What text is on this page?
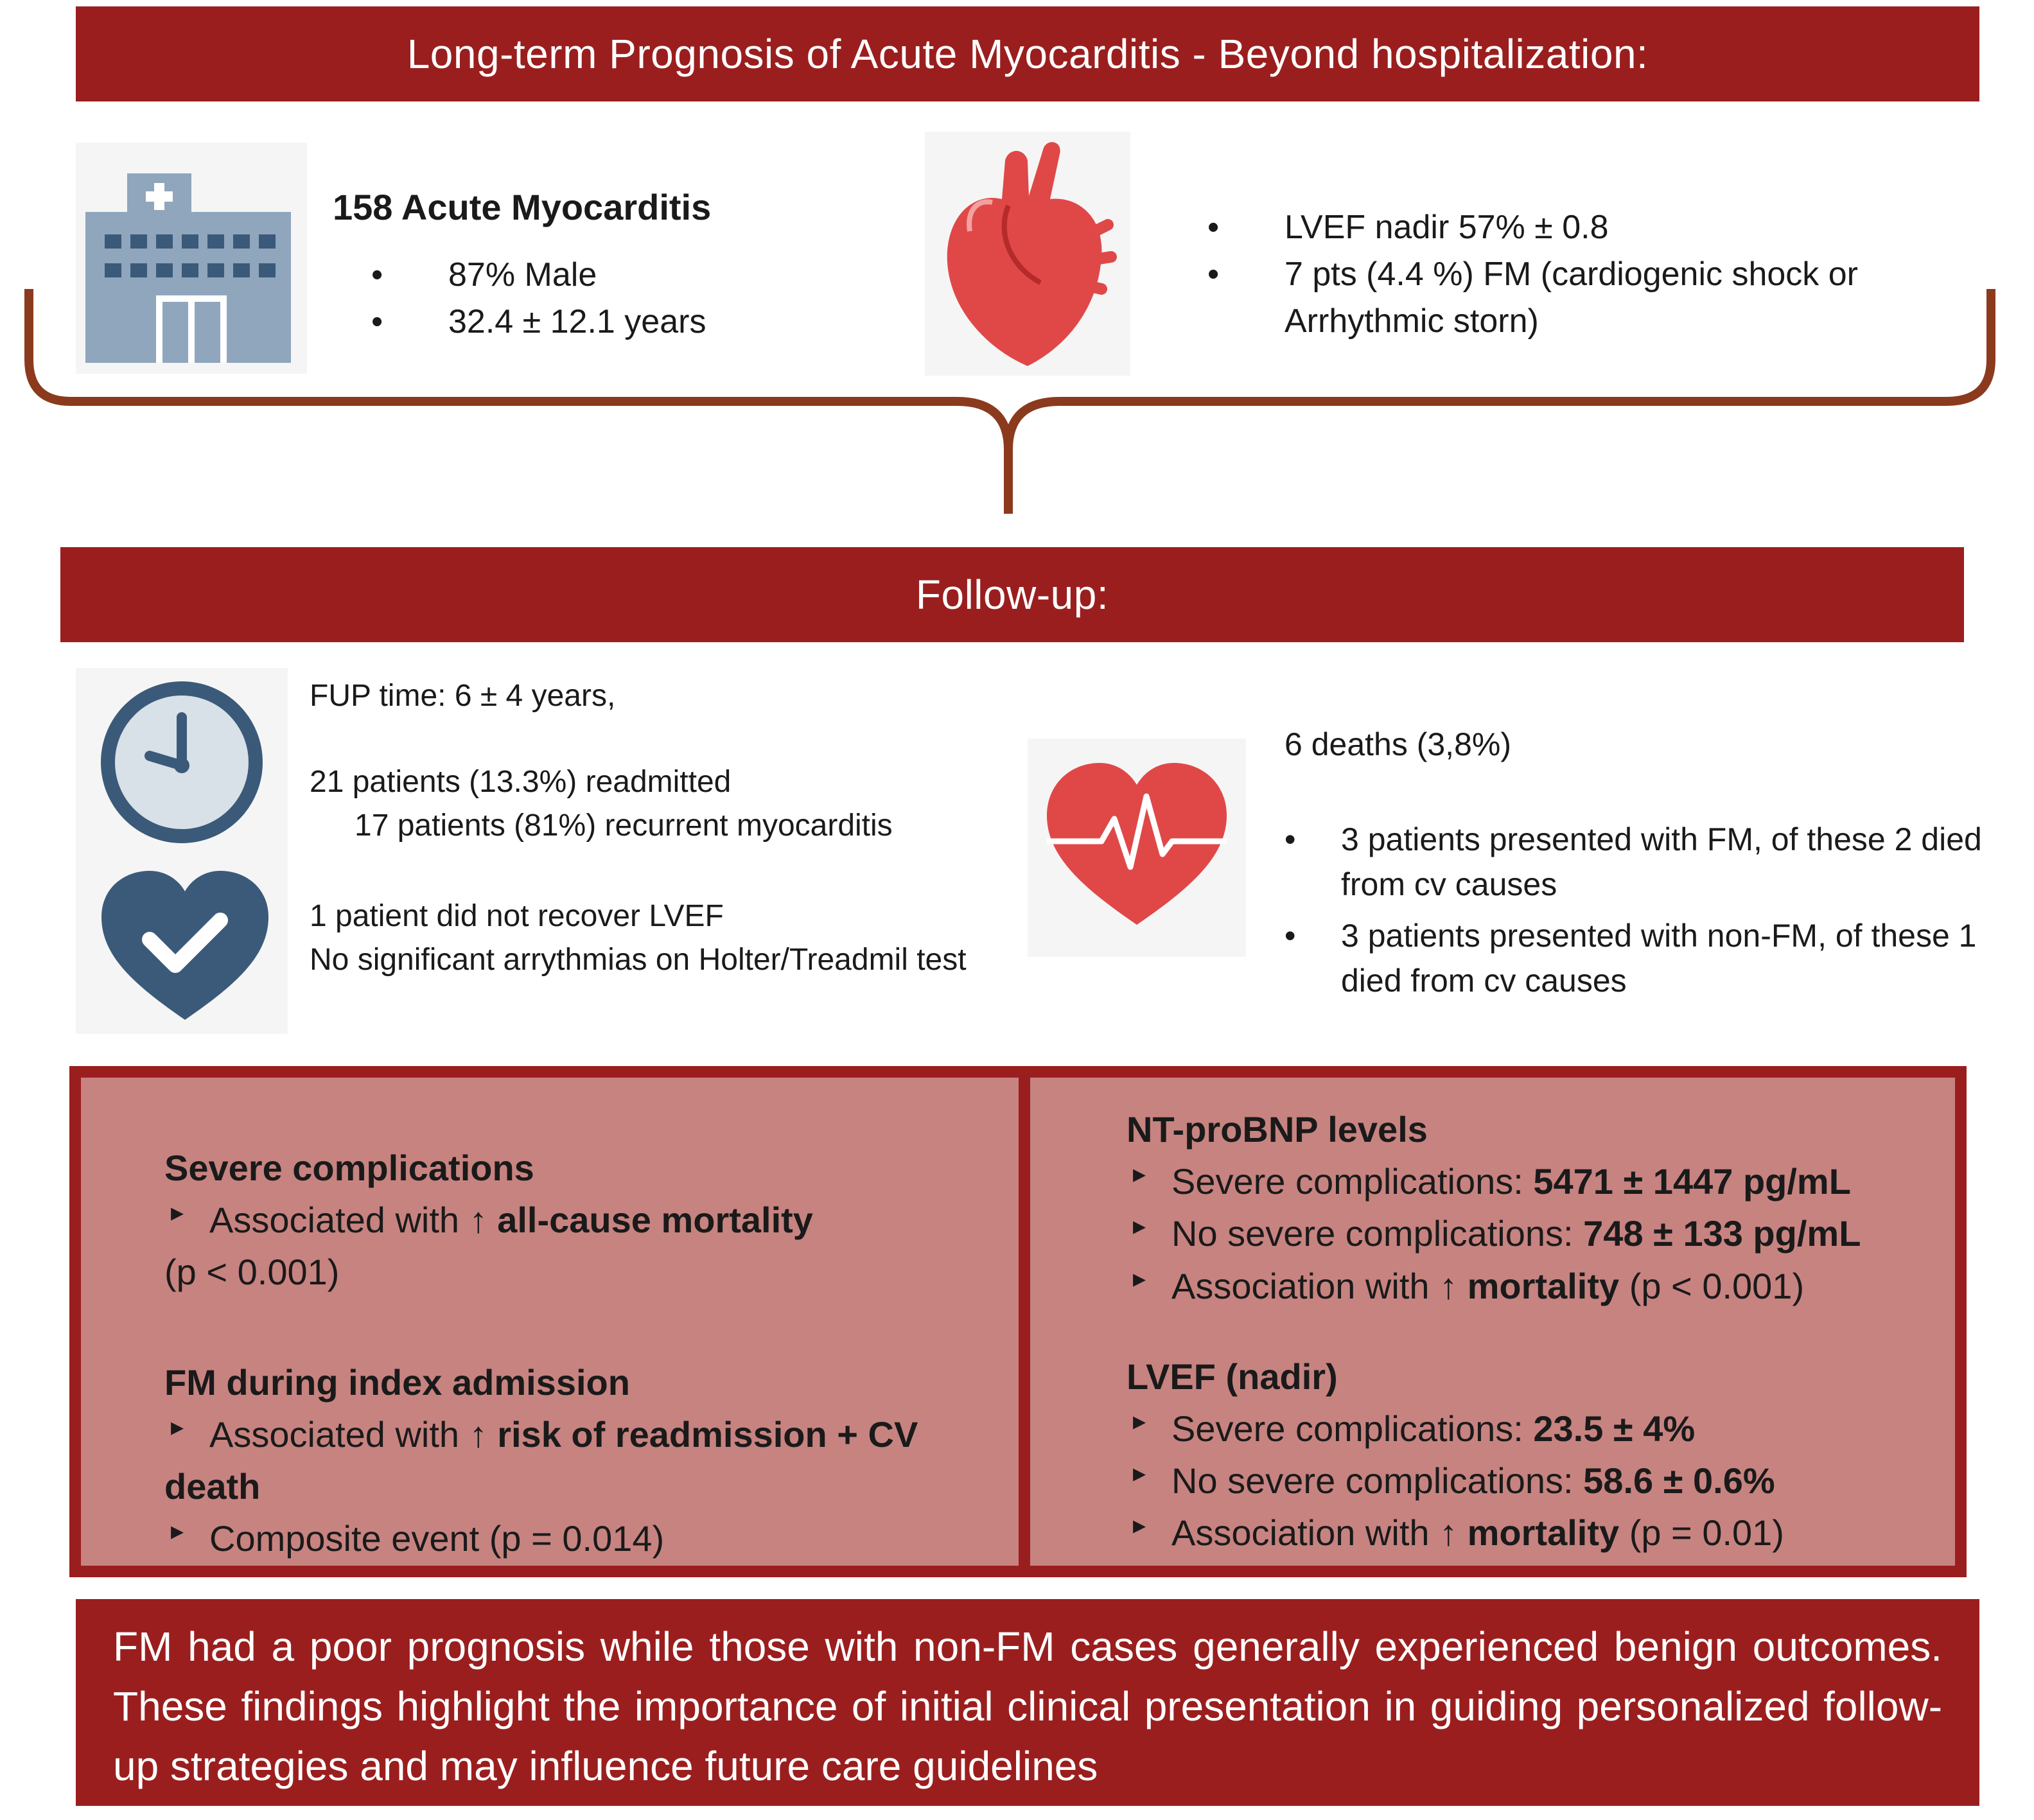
Long-term Prognosis of Acute Myocarditis - Beyond hospitalization:
158 Acute Myocarditis
• 87% Male
• 32.4 ± 12.1 years
• LVEF nadir 57% ± 0.8
• 7 pts (4.4 %) FM (cardiogenic shock or Arrhythmic storn)
Follow-up:
FUP time: 6 ± 4 years,
21 patients (13.3%) readmitted
17 patients (81%) recurrent myocarditis
1 patient did not recover LVEF
No significant arrythmias on Holter/Treadmil test
6 deaths (3,8%)
• 3 patients presented with FM, of these 2 died from cv causes
• 3 patients presented with non-FM, of these 1 died from cv causes
Severe complications
▸ Associated with ↑ all-cause mortality
(p < 0.001)
FM during index admission
▸ Associated with ↑ risk of readmission + CV death
▸ Composite event (p = 0.014)
NT-proBNP levels
▸ Severe complications: 5471 ± 1447 pg/mL
▸ No severe complications: 748 ± 133 pg/mL
▸ Association with ↑ mortality (p < 0.001)
LVEF (nadir)
▸ Severe complications: 23.5 ± 4%
▸ No severe complications: 58.6 ± 0.6%
▸ Association with ↑ mortality (p = 0.01)
FM had a poor prognosis while those with non-FM cases generally experienced benign outcomes. These findings highlight the importance of initial clinical presentation in guiding personalized follow-up strategies and may influence future care guidelines
